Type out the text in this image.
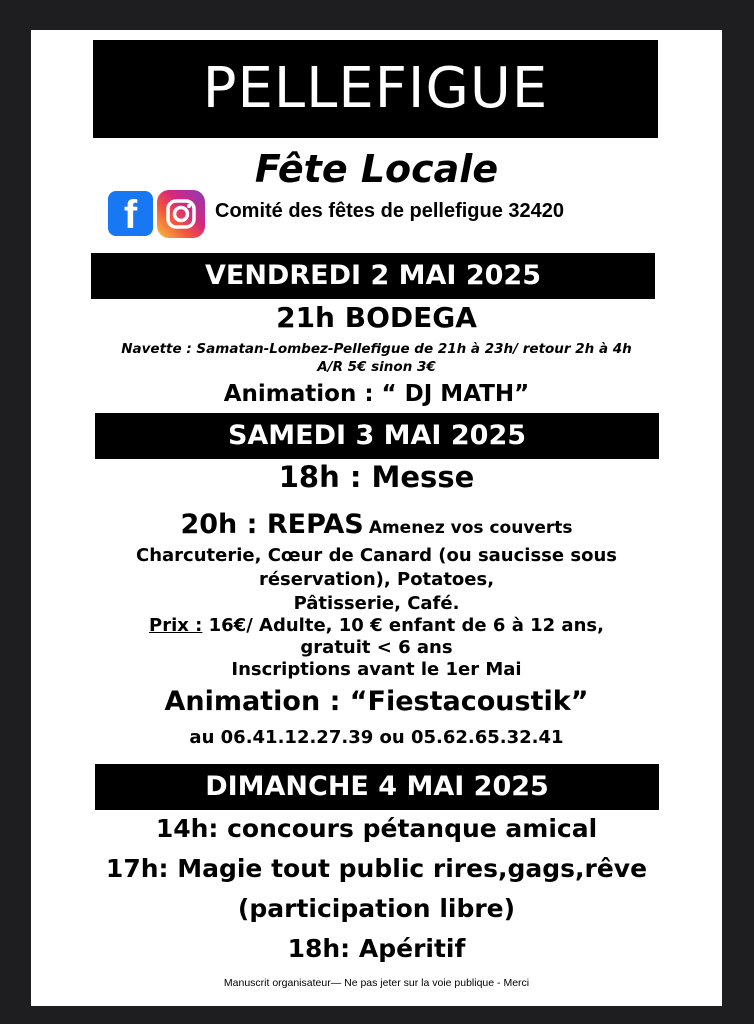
PELLEFIGUE
Fête Locale
f	Comité des fêtes de pellefigue 32420
VENDREDI 2 MAI 2025
21h BODEGA
Navette : Samatan-Lombez-Pellefigue de 21h à 23h/ retour 2h à 4h
A/R 5€ sinon 3€
Animation : “ DJ MATH”
SAMEDI 3 MAI 2025
18h : Messe
20h : REPAS Amenez vos couverts
Charcuterie, Cœur de Canard (ou saucisse sous
réservation), Potatoes,
Pâtisserie, Café.
Prix : 16€/ Adulte, 10 € enfant de 6 à 12 ans,
gratuit < 6 ans
Inscriptions avant le 1er Mai
Animation : “Fiestacoustik”
au 06.41.12.27.39 ou 05.62.65.32.41
DIMANCHE 4 MAI 2025
14h: concours pétanque amical
17h: Magie tout public rires,gags,rêve
(participation libre)
18h: Apéritif
Manuscrit organisateur— Ne pas jeter sur la voie publique - Merci
